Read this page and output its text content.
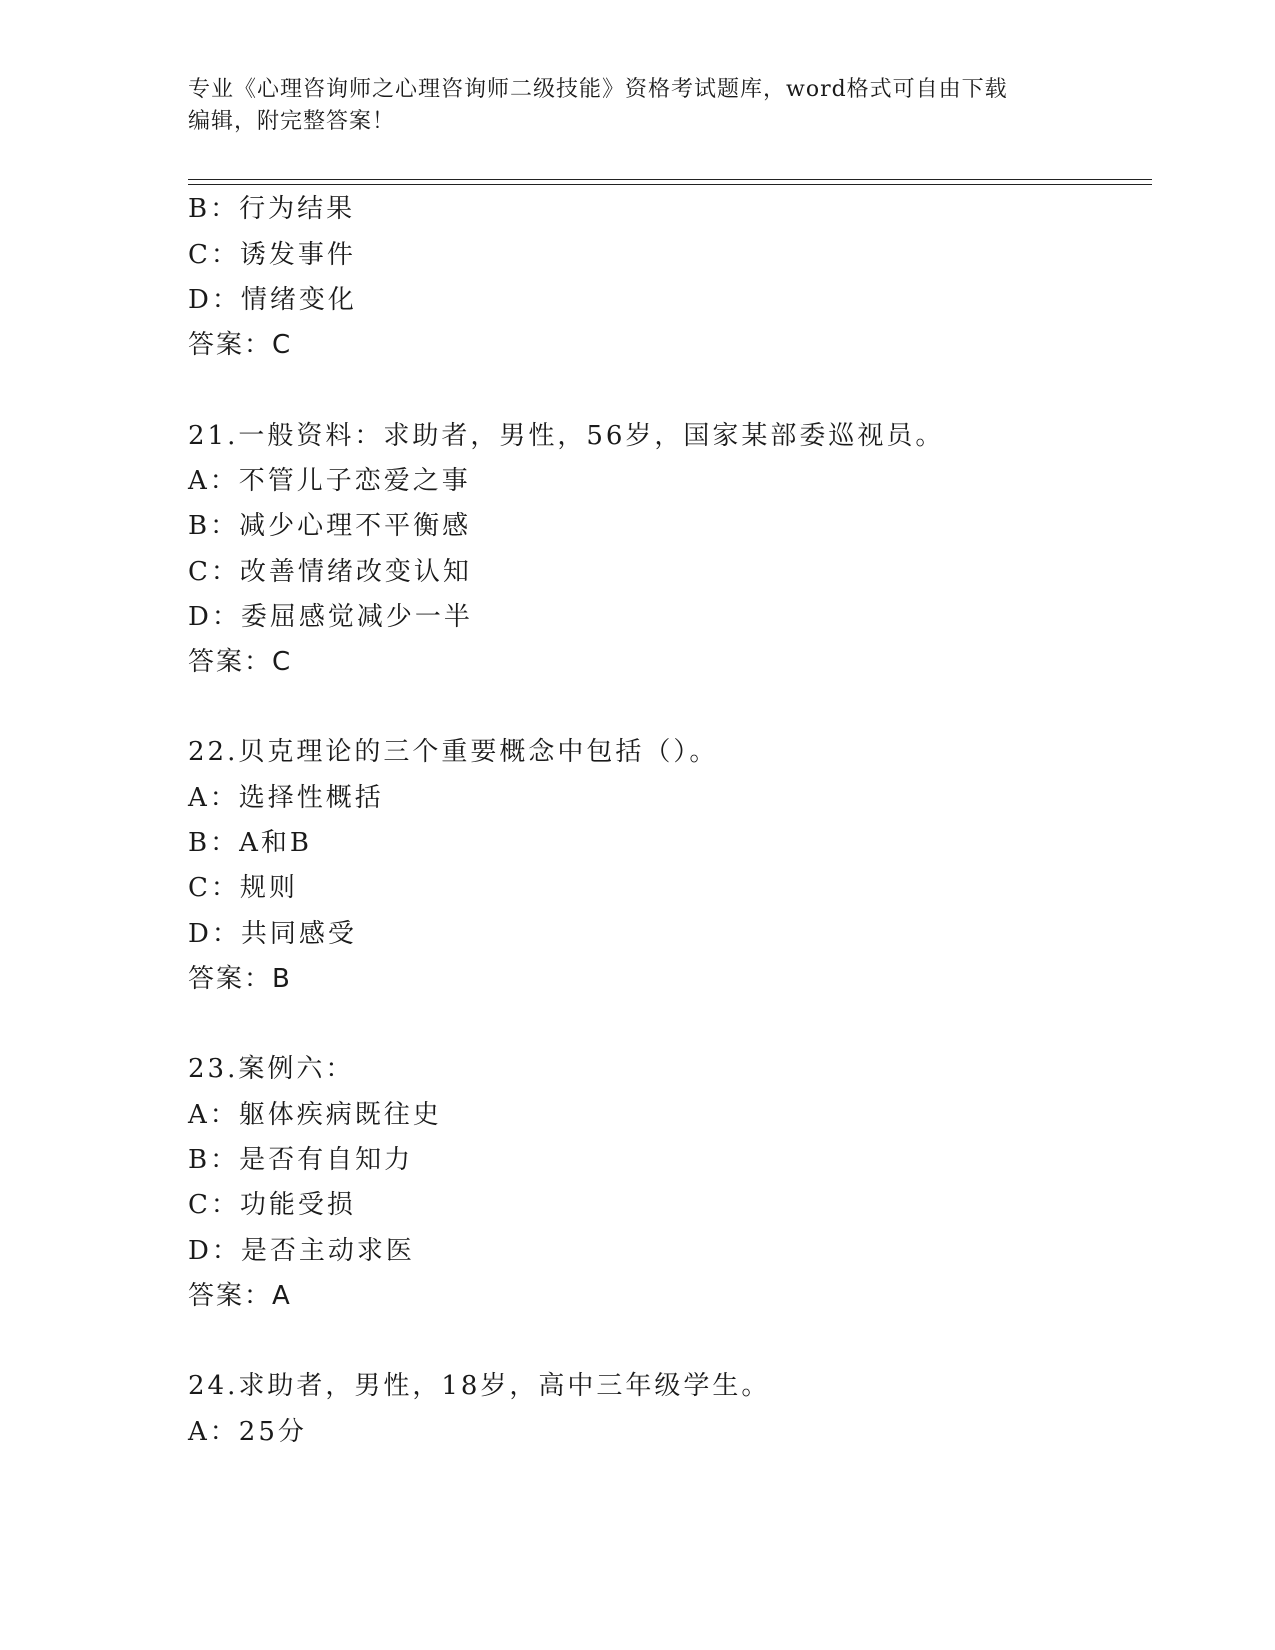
专业《心理咨询师之心理咨询师二级技能》资格考试题库，word格式可自由下载
编辑，附完整答案！
B：行为结果
C：诱发事件
D：情绪变化
答案：C
21.一般资料：求助者，男性，56岁，国家某部委巡视员。
A：不管儿子恋爱之事
B：减少心理不平衡感
C：改善情绪改变认知
D：委屈感觉减少一半
答案：C
22.贝克理论的三个重要概念中包括（）。
A：选择性概括
B：A和B
C：规则
D：共同感受
答案：B
23.案例六：
A：躯体疾病既往史
B：是否有自知力
C：功能受损
D：是否主动求医
答案：A
24.求助者，男性，18岁，高中三年级学生。
A：25分
